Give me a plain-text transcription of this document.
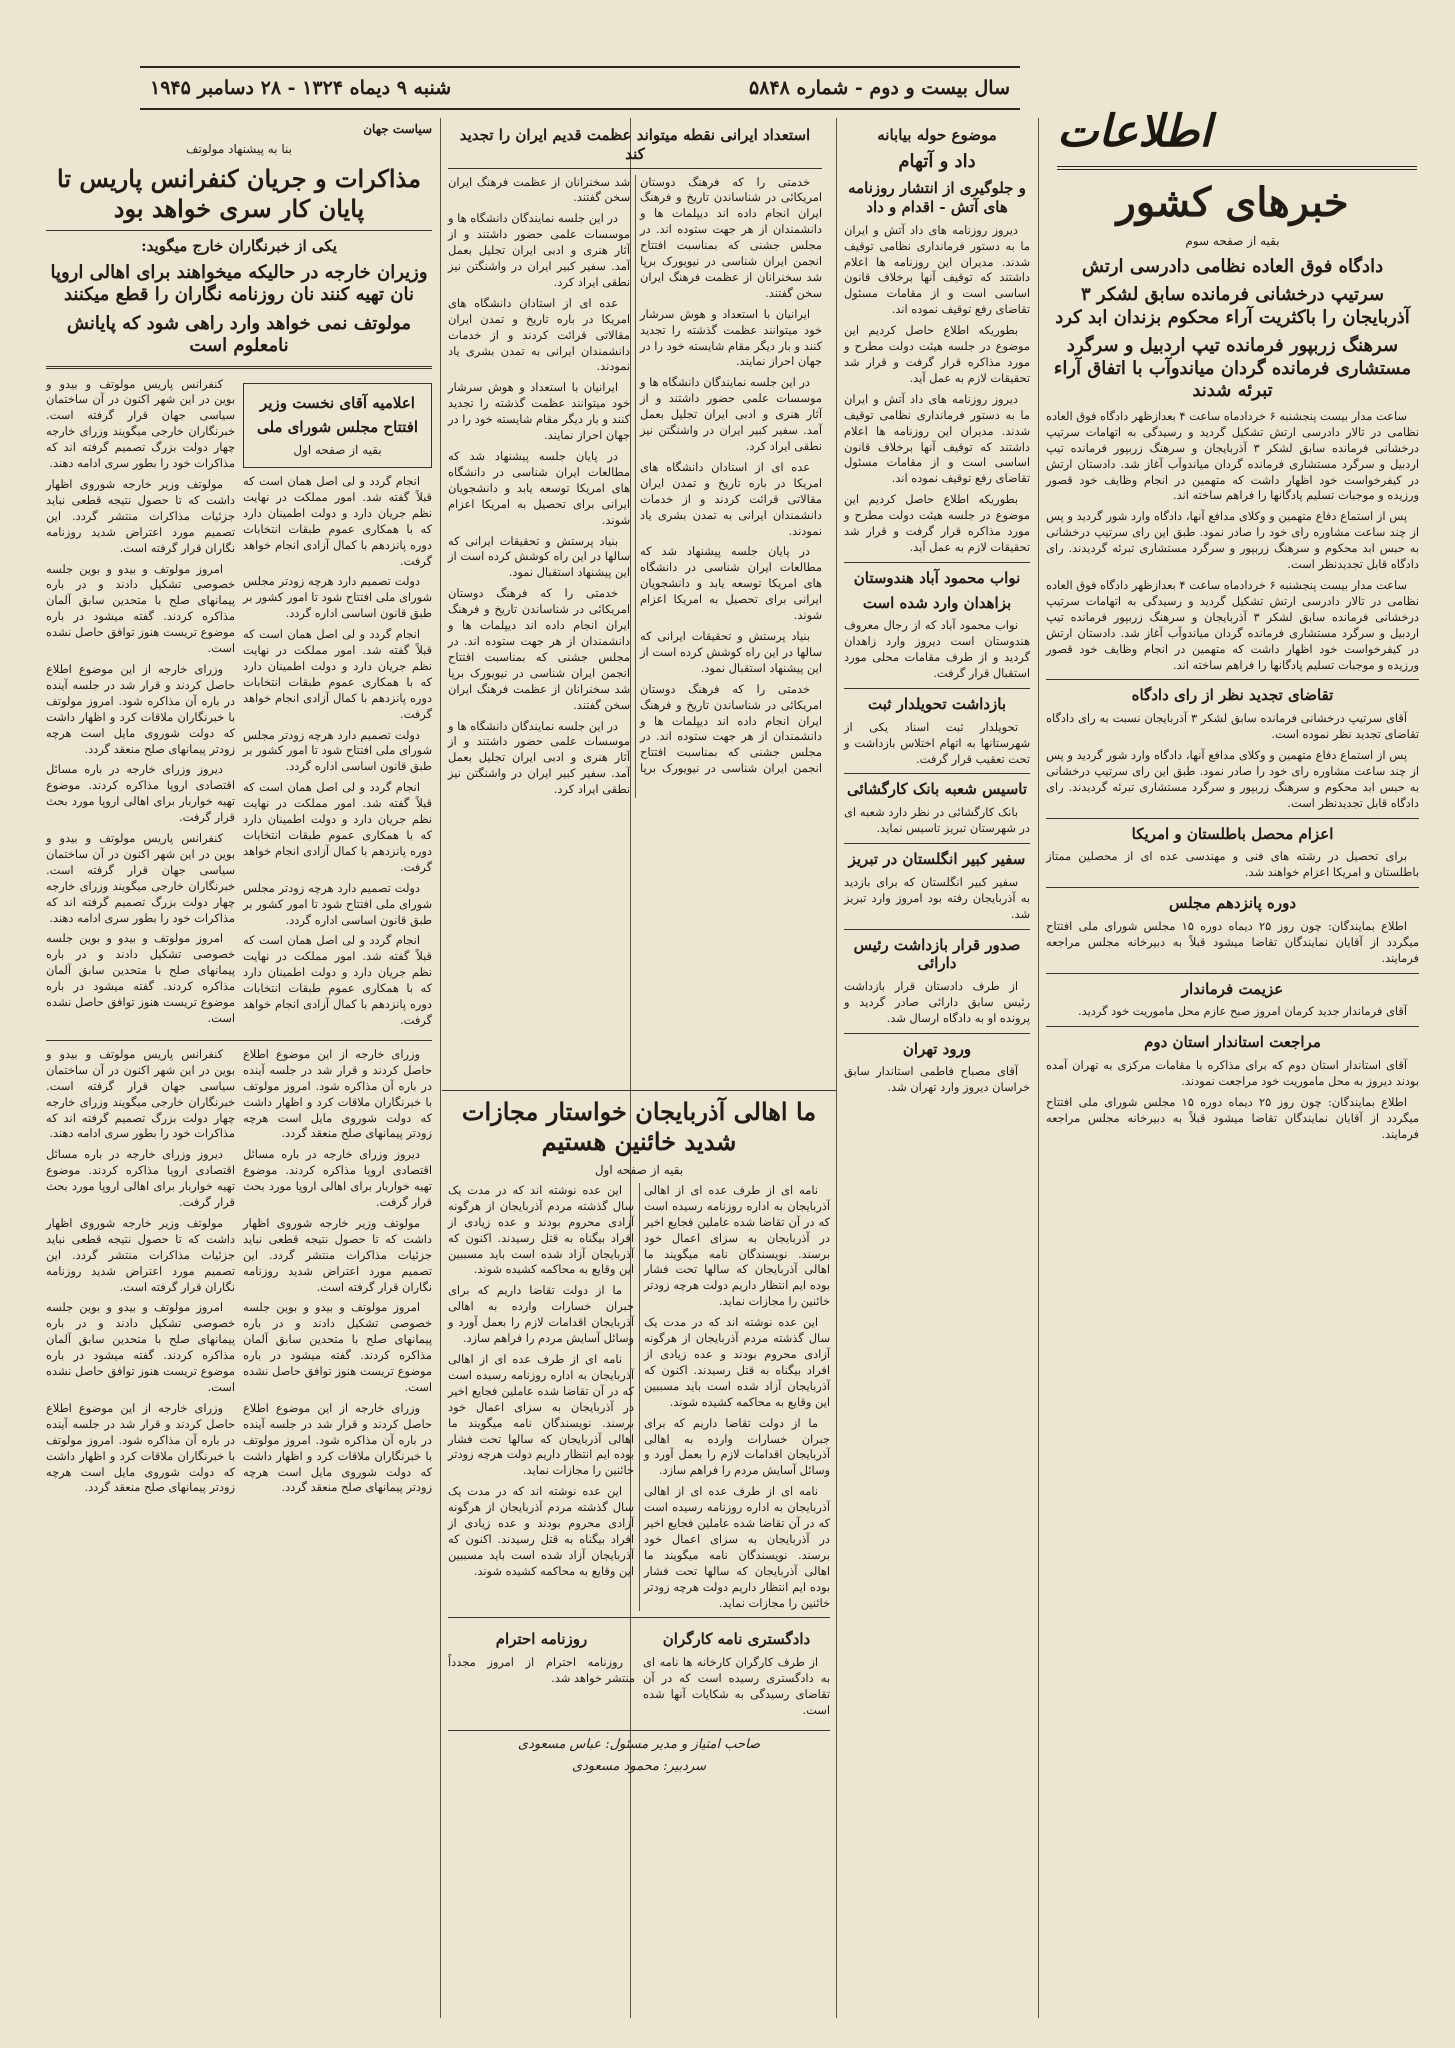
سال بیست و دوم - شماره ۵۸۴۸
شنبه ۹ دیماه ۱۳۲۴ - ۲۸ دسامبر ۱۹۴۵
اطلاعات
خبرهای کشور
بقیه از صفحه سوم
دادگاه فوق العاده نظامی دادرسی ارتش
سرتیپ درخشانی فرمانده سابق لشکر ۳ آذربایجان را باکثریت آراء محکوم بزندان ابد کرد
سرهنگ زربپور فرمانده تیپ اردبیل و سرگرد مستشاری فرمانده گردان میاندوآب با اتفاق آراء تبرئه شدند

ساعت مدار بیست پنجشنبه ۶ خردادماه ساعت ۴ بعدازظهر دادگاه فوق العاده نظامی در تالار دادرسی ارتش تشکیل گردید و رسیدگی به اتهامات سرتیپ درخشانی فرمانده سابق لشکر ۳ آذربایجان و سرهنگ زربپور فرمانده تیپ اردبیل و سرگرد مستشاری فرمانده گردان میاندوآب آغاز شد. دادستان ارتش در کیفرخواست خود اظهار داشت که متهمین در انجام وظایف خود قصور ورزیده و موجبات تسلیم پادگانها را فراهم ساخته اند.

پس از استماع دفاع متهمین و وکلای مدافع آنها، دادگاه وارد شور گردید و پس از چند ساعت مشاوره رای خود را صادر نمود. طبق این رای سرتیپ درخشانی به حبس ابد محکوم و سرهنگ زربپور و سرگرد مستشاری تبرئه گردیدند. رای دادگاه قابل تجدیدنظر است.

ساعت مدار بیست پنجشنبه ۶ خردادماه ساعت ۴ بعدازظهر دادگاه فوق العاده نظامی در تالار دادرسی ارتش تشکیل گردید و رسیدگی به اتهامات سرتیپ درخشانی فرمانده سابق لشکر ۳ آذربایجان و سرهنگ زربپور فرمانده تیپ اردبیل و سرگرد مستشاری فرمانده گردان میاندوآب آغاز شد. دادستان ارتش در کیفرخواست خود اظهار داشت که متهمین در انجام وظایف خود قصور ورزیده و موجبات تسلیم پادگانها را فراهم ساخته اند.

تقاضای تجدید نظر از رای دادگاه

آقای سرتیپ درخشانی فرمانده سابق لشکر ۳ آذربایجان نسبت به رای دادگاه تقاضای تجدید نظر نموده است.

پس از استماع دفاع متهمین و وکلای مدافع آنها، دادگاه وارد شور گردید و پس از چند ساعت مشاوره رای خود را صادر نمود. طبق این رای سرتیپ درخشانی به حبس ابد محکوم و سرهنگ زربپور و سرگرد مستشاری تبرئه گردیدند. رای دادگاه قابل تجدیدنظر است.

اعزام محصل باطلستان و امریکا

برای تحصیل در رشته های فنی و مهندسی عده ای از محصلین ممتاز باطلستان و امریکا اعزام خواهند شد.

دوره پانزدهم مجلس

اطلاع بمایندگان: چون روز ۲۵ دیماه دوره ۱۵ مجلس شورای ملی افتتاح میگردد از آقایان نمایندگان تقاضا میشود قبلاً به دبیرخانه مجلس مراجعه فرمایند.

عزیمت فرماندار

آقای فرماندار جدید کرمان امروز صبح عازم محل ماموریت خود گردید.

مراجعت استاندار استان دوم

آقای استاندار استان دوم که برای مذاکره با مقامات مرکزی به تهران آمده بودند دیروز به محل ماموریت خود مراجعت نمودند.

اطلاع بمایندگان: چون روز ۲۵ دیماه دوره ۱۵ مجلس شورای ملی افتتاح میگردد از آقایان نمایندگان تقاضا میشود قبلاً به دبیرخانه مجلس مراجعه فرمایند.

موضوع حوله بیابانه
داد و آتهام
و جلوگیری از انتشار روزنامه های آتش - اقدام و داد

دیروز روزنامه های داد آتش و ایران ما به دستور فرمانداری نظامی توقیف شدند. مدیران این روزنامه ها اعلام داشتند که توقیف آنها برخلاف قانون اساسی است و از مقامات مسئول تقاضای رفع توقیف نموده اند.

بطوریکه اطلاع حاصل کردیم این موضوع در جلسه هیئت دولت مطرح و مورد مذاکره قرار گرفت و قرار شد تحقیقات لازم به عمل آید.

دیروز روزنامه های داد آتش و ایران ما به دستور فرمانداری نظامی توقیف شدند. مدیران این روزنامه ها اعلام داشتند که توقیف آنها برخلاف قانون اساسی است و از مقامات مسئول تقاضای رفع توقیف نموده اند.

بطوریکه اطلاع حاصل کردیم این موضوع در جلسه هیئت دولت مطرح و مورد مذاکره قرار گرفت و قرار شد تحقیقات لازم به عمل آید.

نواب محمود آباد هندوستان
بزاهدان وارد شده است

نواب محمود آباد که از رجال معروف هندوستان است دیروز وارد زاهدان گردید و از طرف مقامات محلی مورد استقبال قرار گرفت.

بازداشت تحویلدار ثبت

تحویلدار ثبت اسناد یکی از شهرستانها به اتهام اختلاس بازداشت و تحت تعقیب قرار گرفت.

تاسیس شعبه بانک کارگشائی

بانک کارگشائی در نظر دارد شعبه ای در شهرستان تبریز تاسیس نماید.

سفیر کبیر انگلستان در تبریز

سفیر کبیر انگلستان که برای بازدید به آذربایجان رفته بود امروز وارد تبریز شد.

صدور قرار بازداشت رئیس دارائی

از طرف دادستان قرار بازداشت رئیس سابق دارائی صادر گردید و پرونده او به دادگاه ارسال شد.

ورود تهران

آقای مصباح فاطمی استاندار سابق خراسان دیروز وارد تهران شد.

استعداد ایرانی نقطه میتواند عظمت قدیم ایران را تجدید کند

خدمتی را که فرهنگ دوستان امریکائی در شناساندن تاریخ و فرهنگ ایران انجام داده اند دیپلمات ها و دانشمندان از هر جهت ستوده اند. در مجلس جشنی که بمناسبت افتتاح انجمن ایران شناسی در نیویورک برپا شد سخنرانان از عظمت فرهنگ ایران سخن گفتند.

ایرانیان با استعداد و هوش سرشار خود میتوانند عظمت گذشته را تجدید کنند و بار دیگر مقام شایسته خود را در جهان احراز نمایند.

در این جلسه نمایندگان دانشگاه ها و موسسات علمی حضور داشتند و از آثار هنری و ادبی ایران تجلیل بعمل آمد. سفیر کبیر ایران در واشنگتن نیز نطقی ایراد کرد.

عده ای از استادان دانشگاه های امریکا در باره تاریخ و تمدن ایران مقالاتی قرائت کردند و از خدمات دانشمندان ایرانی به تمدن بشری یاد نمودند.

در پایان جلسه پیشنهاد شد که مطالعات ایران شناسی در دانشگاه های امریکا توسعه یابد و دانشجویان ایرانی برای تحصیل به امریکا اعزام شوند.

بنیاد پرستش و تحقیقات ایرانی که سالها در این راه کوشش کرده است از این پیشنهاد استقبال نمود.

خدمتی را که فرهنگ دوستان امریکائی در شناساندن تاریخ و فرهنگ ایران انجام داده اند دیپلمات ها و دانشمندان از هر جهت ستوده اند. در مجلس جشنی که بمناسبت افتتاح انجمن ایران شناسی در نیویورک برپا شد سخنرانان از عظمت فرهنگ ایران سخن گفتند.

در این جلسه نمایندگان دانشگاه ها و موسسات علمی حضور داشتند و از آثار هنری و ادبی ایران تجلیل بعمل آمد. سفیر کبیر ایران در واشنگتن نیز نطقی ایراد کرد.

عده ای از استادان دانشگاه های امریکا در باره تاریخ و تمدن ایران مقالاتی قرائت کردند و از خدمات دانشمندان ایرانی به تمدن بشری یاد نمودند.

ایرانیان با استعداد و هوش سرشار خود میتوانند عظمت گذشته را تجدید کنند و بار دیگر مقام شایسته خود را در جهان احراز نمایند.

در پایان جلسه پیشنهاد شد که مطالعات ایران شناسی در دانشگاه های امریکا توسعه یابد و دانشجویان ایرانی برای تحصیل به امریکا اعزام شوند.

بنیاد پرستش و تحقیقات ایرانی که سالها در این راه کوشش کرده است از این پیشنهاد استقبال نمود.

خدمتی را که فرهنگ دوستان امریکائی در شناساندن تاریخ و فرهنگ ایران انجام داده اند دیپلمات ها و دانشمندان از هر جهت ستوده اند. در مجلس جشنی که بمناسبت افتتاح انجمن ایران شناسی در نیویورک برپا شد سخنرانان از عظمت فرهنگ ایران سخن گفتند.

در این جلسه نمایندگان دانشگاه ها و موسسات علمی حضور داشتند و از آثار هنری و ادبی ایران تجلیل بعمل آمد. سفیر کبیر ایران در واشنگتن نیز نطقی ایراد کرد.

سیاست جهان
بنا به پیشنهاد مولوتف
مذاکرات و جریان کنفرانس پاریس تا پایان کار سری خواهد بود
یکی از خبرنگاران خارج میگوید:
وزیران خارجه در حالیکه میخواهند برای اهالی اروپا نان تهیه کنند نان روزنامه نگاران را قطع میکنند
مولوتف نمی خواهد وارد راهی شود که پایانش نامعلوم است
اعلامیه آقای نخست وزیر
افتتاح مجلس شورای ملی
بقیه از صفحه اول

انجام گردد و لی اصل همان است که قبلاً گفته شد. امور مملکت در نهایت نظم جریان دارد و دولت اطمینان دارد که با همکاری عموم طبقات انتخابات دوره پانزدهم با کمال آزادی انجام خواهد گرفت.

دولت تصمیم دارد هرچه زودتر مجلس شورای ملی افتتاح شود تا امور کشور بر طبق قانون اساسی اداره گردد.

انجام گردد و لی اصل همان است که قبلاً گفته شد. امور مملکت در نهایت نظم جریان دارد و دولت اطمینان دارد که با همکاری عموم طبقات انتخابات دوره پانزدهم با کمال آزادی انجام خواهد گرفت.

دولت تصمیم دارد هرچه زودتر مجلس شورای ملی افتتاح شود تا امور کشور بر طبق قانون اساسی اداره گردد.

انجام گردد و لی اصل همان است که قبلاً گفته شد. امور مملکت در نهایت نظم جریان دارد و دولت اطمینان دارد که با همکاری عموم طبقات انتخابات دوره پانزدهم با کمال آزادی انجام خواهد گرفت.

دولت تصمیم دارد هرچه زودتر مجلس شورای ملی افتتاح شود تا امور کشور بر طبق قانون اساسی اداره گردد.

انجام گردد و لی اصل همان است که قبلاً گفته شد. امور مملکت در نهایت نظم جریان دارد و دولت اطمینان دارد که با همکاری عموم طبقات انتخابات دوره پانزدهم با کمال آزادی انجام خواهد گرفت.

کنفرانس پاریس مولوتف و بیدو و بوین در این شهر اکنون در آن ساختمان سیاسی جهان قرار گرفته است. خبرنگاران خارجی میگویند وزرای خارجه چهار دولت بزرگ تصمیم گرفته اند که مذاکرات خود را بطور سری ادامه دهند.

مولوتف وزیر خارجه شوروی اظهار داشت که تا حصول نتیجه قطعی نباید جزئیات مذاکرات منتشر گردد. این تصمیم مورد اعتراض شدید روزنامه نگاران قرار گرفته است.

امروز مولوتف و بیدو و بوین جلسه خصوصی تشکیل دادند و در باره پیمانهای صلح با متحدین سابق آلمان مذاکره کردند. گفته میشود در باره موضوع تریست هنوز توافق حاصل نشده است.

وزرای خارجه از این موضوع اطلاع حاصل کردند و قرار شد در جلسه آینده در باره آن مذاکره شود. امروز مولوتف با خبرنگاران ملاقات کرد و اظهار داشت که دولت شوروی مایل است هرچه زودتر پیمانهای صلح منعقد گردد.

دیروز وزرای خارجه در باره مسائل اقتصادی اروپا مذاکره کردند. موضوع تهیه خواربار برای اهالی اروپا مورد بحث قرار گرفت.

کنفرانس پاریس مولوتف و بیدو و بوین در این شهر اکنون در آن ساختمان سیاسی جهان قرار گرفته است. خبرنگاران خارجی میگویند وزرای خارجه چهار دولت بزرگ تصمیم گرفته اند که مذاکرات خود را بطور سری ادامه دهند.

امروز مولوتف و بیدو و بوین جلسه خصوصی تشکیل دادند و در باره پیمانهای صلح با متحدین سابق آلمان مذاکره کردند. گفته میشود در باره موضوع تریست هنوز توافق حاصل نشده است.

وزرای خارجه از این موضوع اطلاع حاصل کردند و قرار شد در جلسه آینده در باره آن مذاکره شود. امروز مولوتف با خبرنگاران ملاقات کرد و اظهار داشت که دولت شوروی مایل است هرچه زودتر پیمانهای صلح منعقد گردد.

دیروز وزرای خارجه در باره مسائل اقتصادی اروپا مذاکره کردند. موضوع تهیه خواربار برای اهالی اروپا مورد بحث قرار گرفت.

مولوتف وزیر خارجه شوروی اظهار داشت که تا حصول نتیجه قطعی نباید جزئیات مذاکرات منتشر گردد. این تصمیم مورد اعتراض شدید روزنامه نگاران قرار گرفته است.

امروز مولوتف و بیدو و بوین جلسه خصوصی تشکیل دادند و در باره پیمانهای صلح با متحدین سابق آلمان مذاکره کردند. گفته میشود در باره موضوع تریست هنوز توافق حاصل نشده است.

وزرای خارجه از این موضوع اطلاع حاصل کردند و قرار شد در جلسه آینده در باره آن مذاکره شود. امروز مولوتف با خبرنگاران ملاقات کرد و اظهار داشت که دولت شوروی مایل است هرچه زودتر پیمانهای صلح منعقد گردد.

کنفرانس پاریس مولوتف و بیدو و بوین در این شهر اکنون در آن ساختمان سیاسی جهان قرار گرفته است. خبرنگاران خارجی میگویند وزرای خارجه چهار دولت بزرگ تصمیم گرفته اند که مذاکرات خود را بطور سری ادامه دهند.

دیروز وزرای خارجه در باره مسائل اقتصادی اروپا مذاکره کردند. موضوع تهیه خواربار برای اهالی اروپا مورد بحث قرار گرفت.

مولوتف وزیر خارجه شوروی اظهار داشت که تا حصول نتیجه قطعی نباید جزئیات مذاکرات منتشر گردد. این تصمیم مورد اعتراض شدید روزنامه نگاران قرار گرفته است.

امروز مولوتف و بیدو و بوین جلسه خصوصی تشکیل دادند و در باره پیمانهای صلح با متحدین سابق آلمان مذاکره کردند. گفته میشود در باره موضوع تریست هنوز توافق حاصل نشده است.

وزرای خارجه از این موضوع اطلاع حاصل کردند و قرار شد در جلسه آینده در باره آن مذاکره شود. امروز مولوتف با خبرنگاران ملاقات کرد و اظهار داشت که دولت شوروی مایل است هرچه زودتر پیمانهای صلح منعقد گردد.

ما اهالی آذربایجان خواستار مجازات شدید خائنین هستیم
بقیه از صفحه اول

نامه ای از طرف عده ای از اهالی آذربایجان به اداره روزنامه رسیده است که در آن تقاضا شده عاملین فجایع اخیر در آذربایجان به سزای اعمال خود برسند. نویسندگان نامه میگویند ما اهالی آذربایجان که سالها تحت فشار بوده ایم انتظار داریم دولت هرچه زودتر خائنین را مجازات نماید.

این عده نوشته اند که در مدت یک سال گذشته مردم آذربایجان از هرگونه آزادی محروم بودند و عده زیادی از افراد بیگناه به قتل رسیدند. اکنون که آذربایجان آزاد شده است باید مسببین این وقایع به محاکمه کشیده شوند.

ما از دولت تقاضا داریم که برای جبران خسارات وارده به اهالی آذربایجان اقدامات لازم را بعمل آورد و وسائل آسایش مردم را فراهم سازد.

نامه ای از طرف عده ای از اهالی آذربایجان به اداره روزنامه رسیده است که در آن تقاضا شده عاملین فجایع اخیر در آذربایجان به سزای اعمال خود برسند. نویسندگان نامه میگویند ما اهالی آذربایجان که سالها تحت فشار بوده ایم انتظار داریم دولت هرچه زودتر خائنین را مجازات نماید.

این عده نوشته اند که در مدت یک سال گذشته مردم آذربایجان از هرگونه آزادی محروم بودند و عده زیادی از افراد بیگناه به قتل رسیدند. اکنون که آذربایجان آزاد شده است باید مسببین این وقایع به محاکمه کشیده شوند.

ما از دولت تقاضا داریم که برای جبران خسارات وارده به اهالی آذربایجان اقدامات لازم را بعمل آورد و وسائل آسایش مردم را فراهم سازد.

نامه ای از طرف عده ای از اهالی آذربایجان به اداره روزنامه رسیده است که در آن تقاضا شده عاملین فجایع اخیر در آذربایجان به سزای اعمال خود برسند. نویسندگان نامه میگویند ما اهالی آذربایجان که سالها تحت فشار بوده ایم انتظار داریم دولت هرچه زودتر خائنین را مجازات نماید.

این عده نوشته اند که در مدت یک سال گذشته مردم آذربایجان از هرگونه آزادی محروم بودند و عده زیادی از افراد بیگناه به قتل رسیدند. اکنون که آذربایجان آزاد شده است باید مسببین این وقایع به محاکمه کشیده شوند.

دادگستری نامه کارگران

از طرف کارگران کارخانه ها نامه ای به دادگستری رسیده است که در آن تقاضای رسیدگی به شکایات آنها شده است.

روزنامه احترام

روزنامه احترام از امروز مجدداً منتشر خواهد شد.

صاحب امتیاز و مدیر مسئول: عباس مسعودی
سردبیر: محمود مسعودی
